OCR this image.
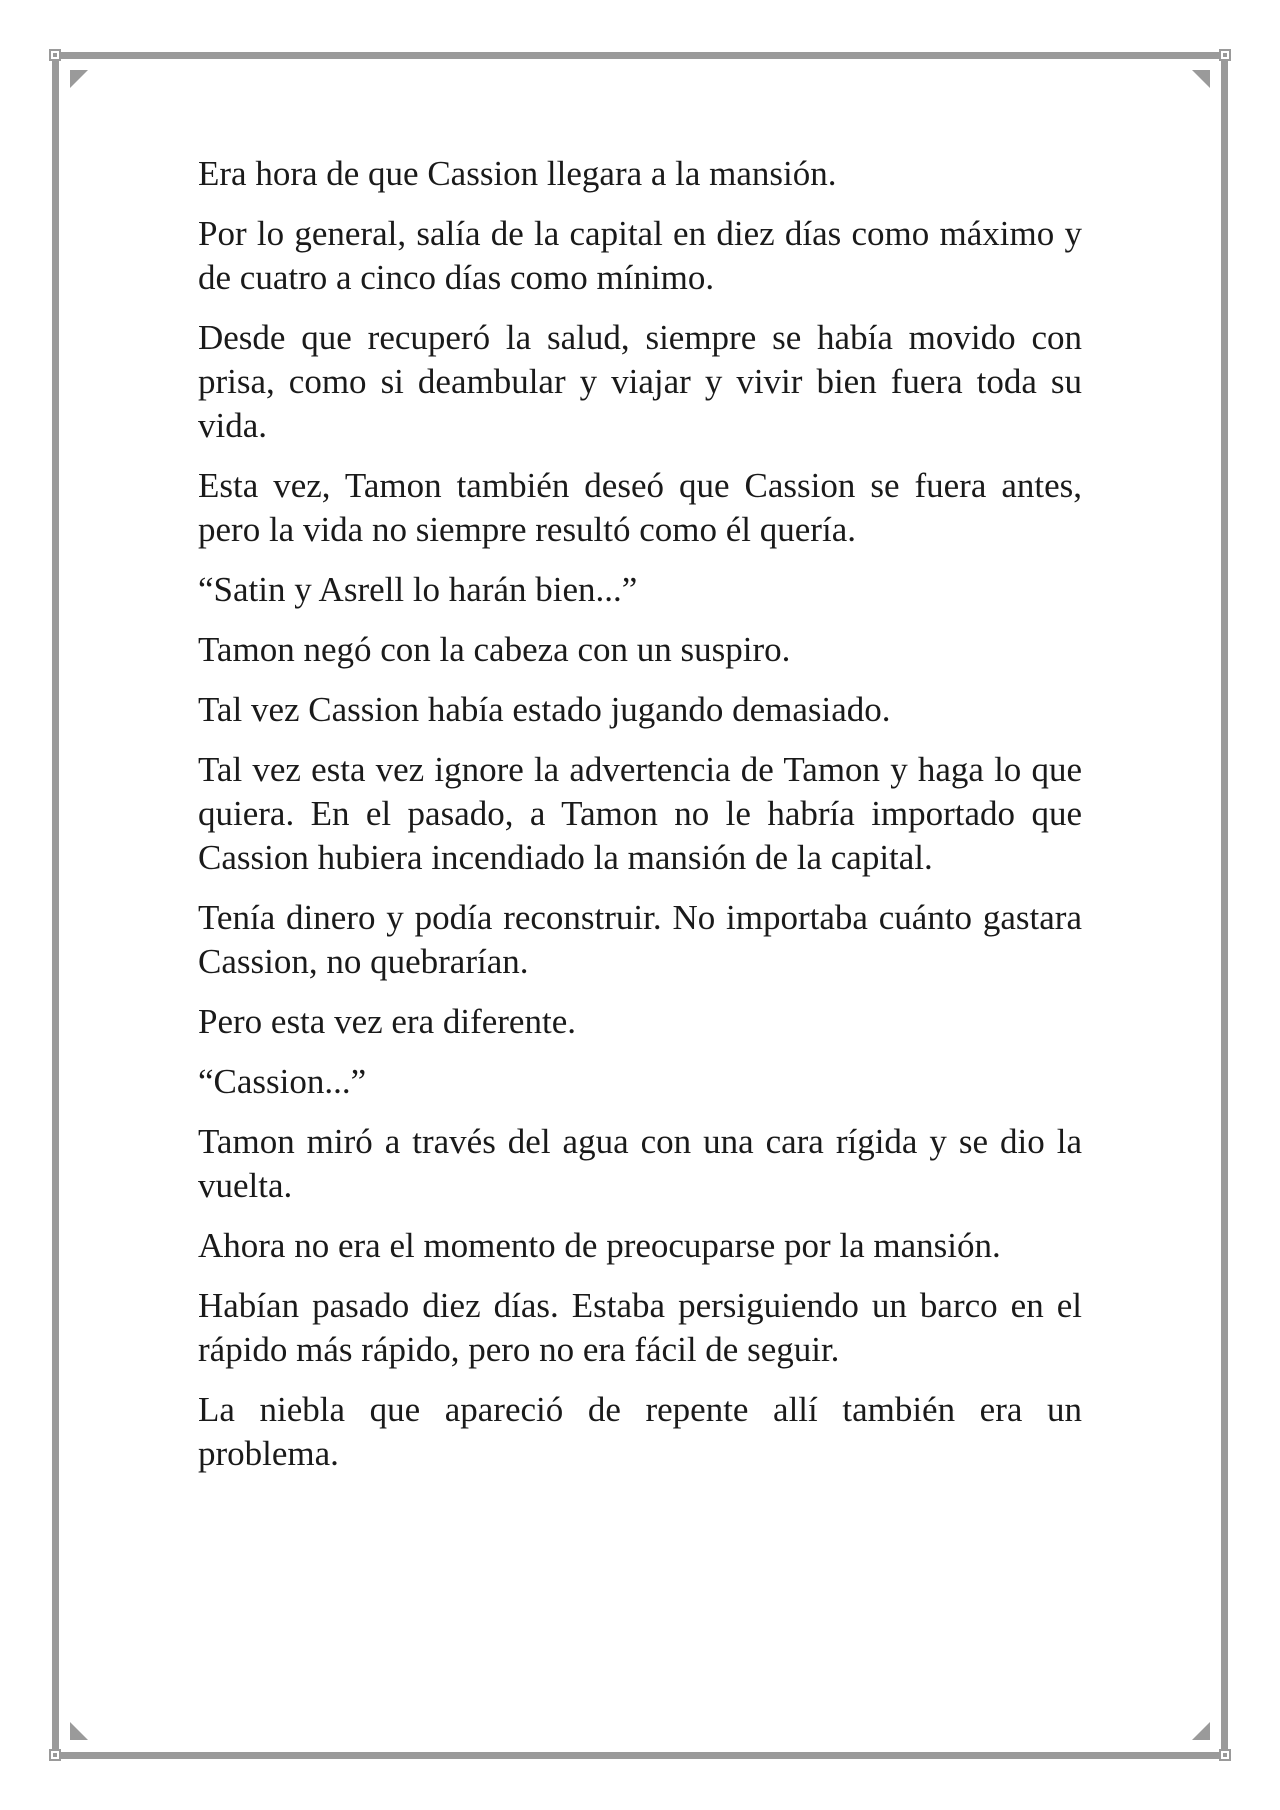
Era hora de que Cassion llegara a la mansión.

Por lo general, salía de la capital en diez días como máximo y de cuatro a cinco días como mínimo.

Desde que recuperó la salud, siempre se había movido con prisa, como si deambular y viajar y vivir bien fuera toda su vida.

Esta vez, Tamon también deseó que Cassion se fuera antes, pero la vida no siempre resultó como él quería.

“Satin y Asrell lo harán bien...”

Tamon negó con la cabeza con un suspiro.

Tal vez Cassion había estado jugando demasiado.

Tal vez esta vez ignore la advertencia de Tamon y haga lo que quiera. En el pasado, a Tamon no le habría importado que Cassion hubiera incendiado la mansión de la capital.

Tenía dinero y podía reconstruir. No importaba cuánto gastara Cassion, no quebrarían.

Pero esta vez era diferente.

“Cassion...”

Tamon miró a través del agua con una cara rígida y se dio la vuelta.

Ahora no era el momento de preocuparse por la mansión.

Habían pasado diez días. Estaba persiguiendo un barco en el rápido más rápido, pero no era fácil de seguir.

La niebla que apareció de repente allí también era un problema.
